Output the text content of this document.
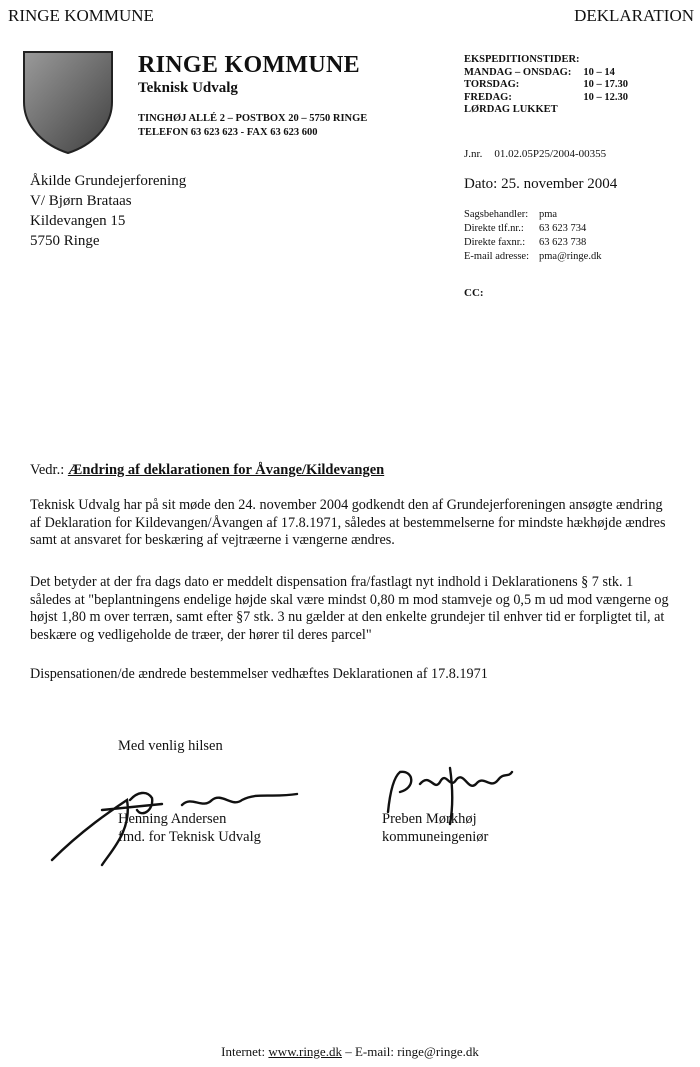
RINGE KOMMUNE	DEKLARATION
RINGE KOMMUNE
Teknisk Udvalg
TINGHØJ ALLÉ 2 – POSTBOX 20 – 5750 RINGE
TELEFON 63 623 623 - FAX 63 623 600
EKSPEDITIONSTIDER:
MANDAG – ONSDAG:	10 – 14
TORSDAG:	10 – 17.30
FREDAG:	10 – 12.30
LØRDAG LUKKET
J.nr. 01.02.05P25/2004-00355
Dato: 25. november 2004
Sagsbehandler:	pma
Direkte tlf.nr.:	63 623 734
Direkte faxnr.:	63 623 738
E-mail adresse:	pma@ringe.dk
CC:
Åkilde Grundejerforening
V/ Bjørn Brataas
Kildevangen 15
5750 Ringe
Vedr.: Ændring af deklarationen for Åvange/Kildevangen
Teknisk Udvalg har på sit møde den 24. november 2004 godkendt den af Grundejerforeningen ansøgte ændring af Deklaration for Kildevangen/Åvangen af 17.8.1971, således at bestemmelserne for mindste hækhøjde ændres samt at ansvaret for beskæring af vejtræerne i vængerne ændres.
Det betyder at der fra dags dato er meddelt dispensation fra/fastlagt nyt indhold i Deklarationens § 7 stk. 1 således at "beplantningens endelige højde skal være mindst 0,80 m mod stamveje og 0,5 m ud mod vængerne og højst 1,80 m over terræn, samt efter §7 stk. 3 nu gælder at den enkelte grundejer til enhver tid er forpligtet til, at beskære og vedligeholde de træer, der hører til deres parcel"
Dispensationen/de ændrede bestemmelser vedhæftes Deklarationen af 17.8.1971
Med venlig hilsen
Henning Andersen
fmd. for Teknisk Udvalg
Preben Mørkhøj
kommuneingeniør
Internet: www.ringe.dk – E-mail: ringe@ringe.dk
